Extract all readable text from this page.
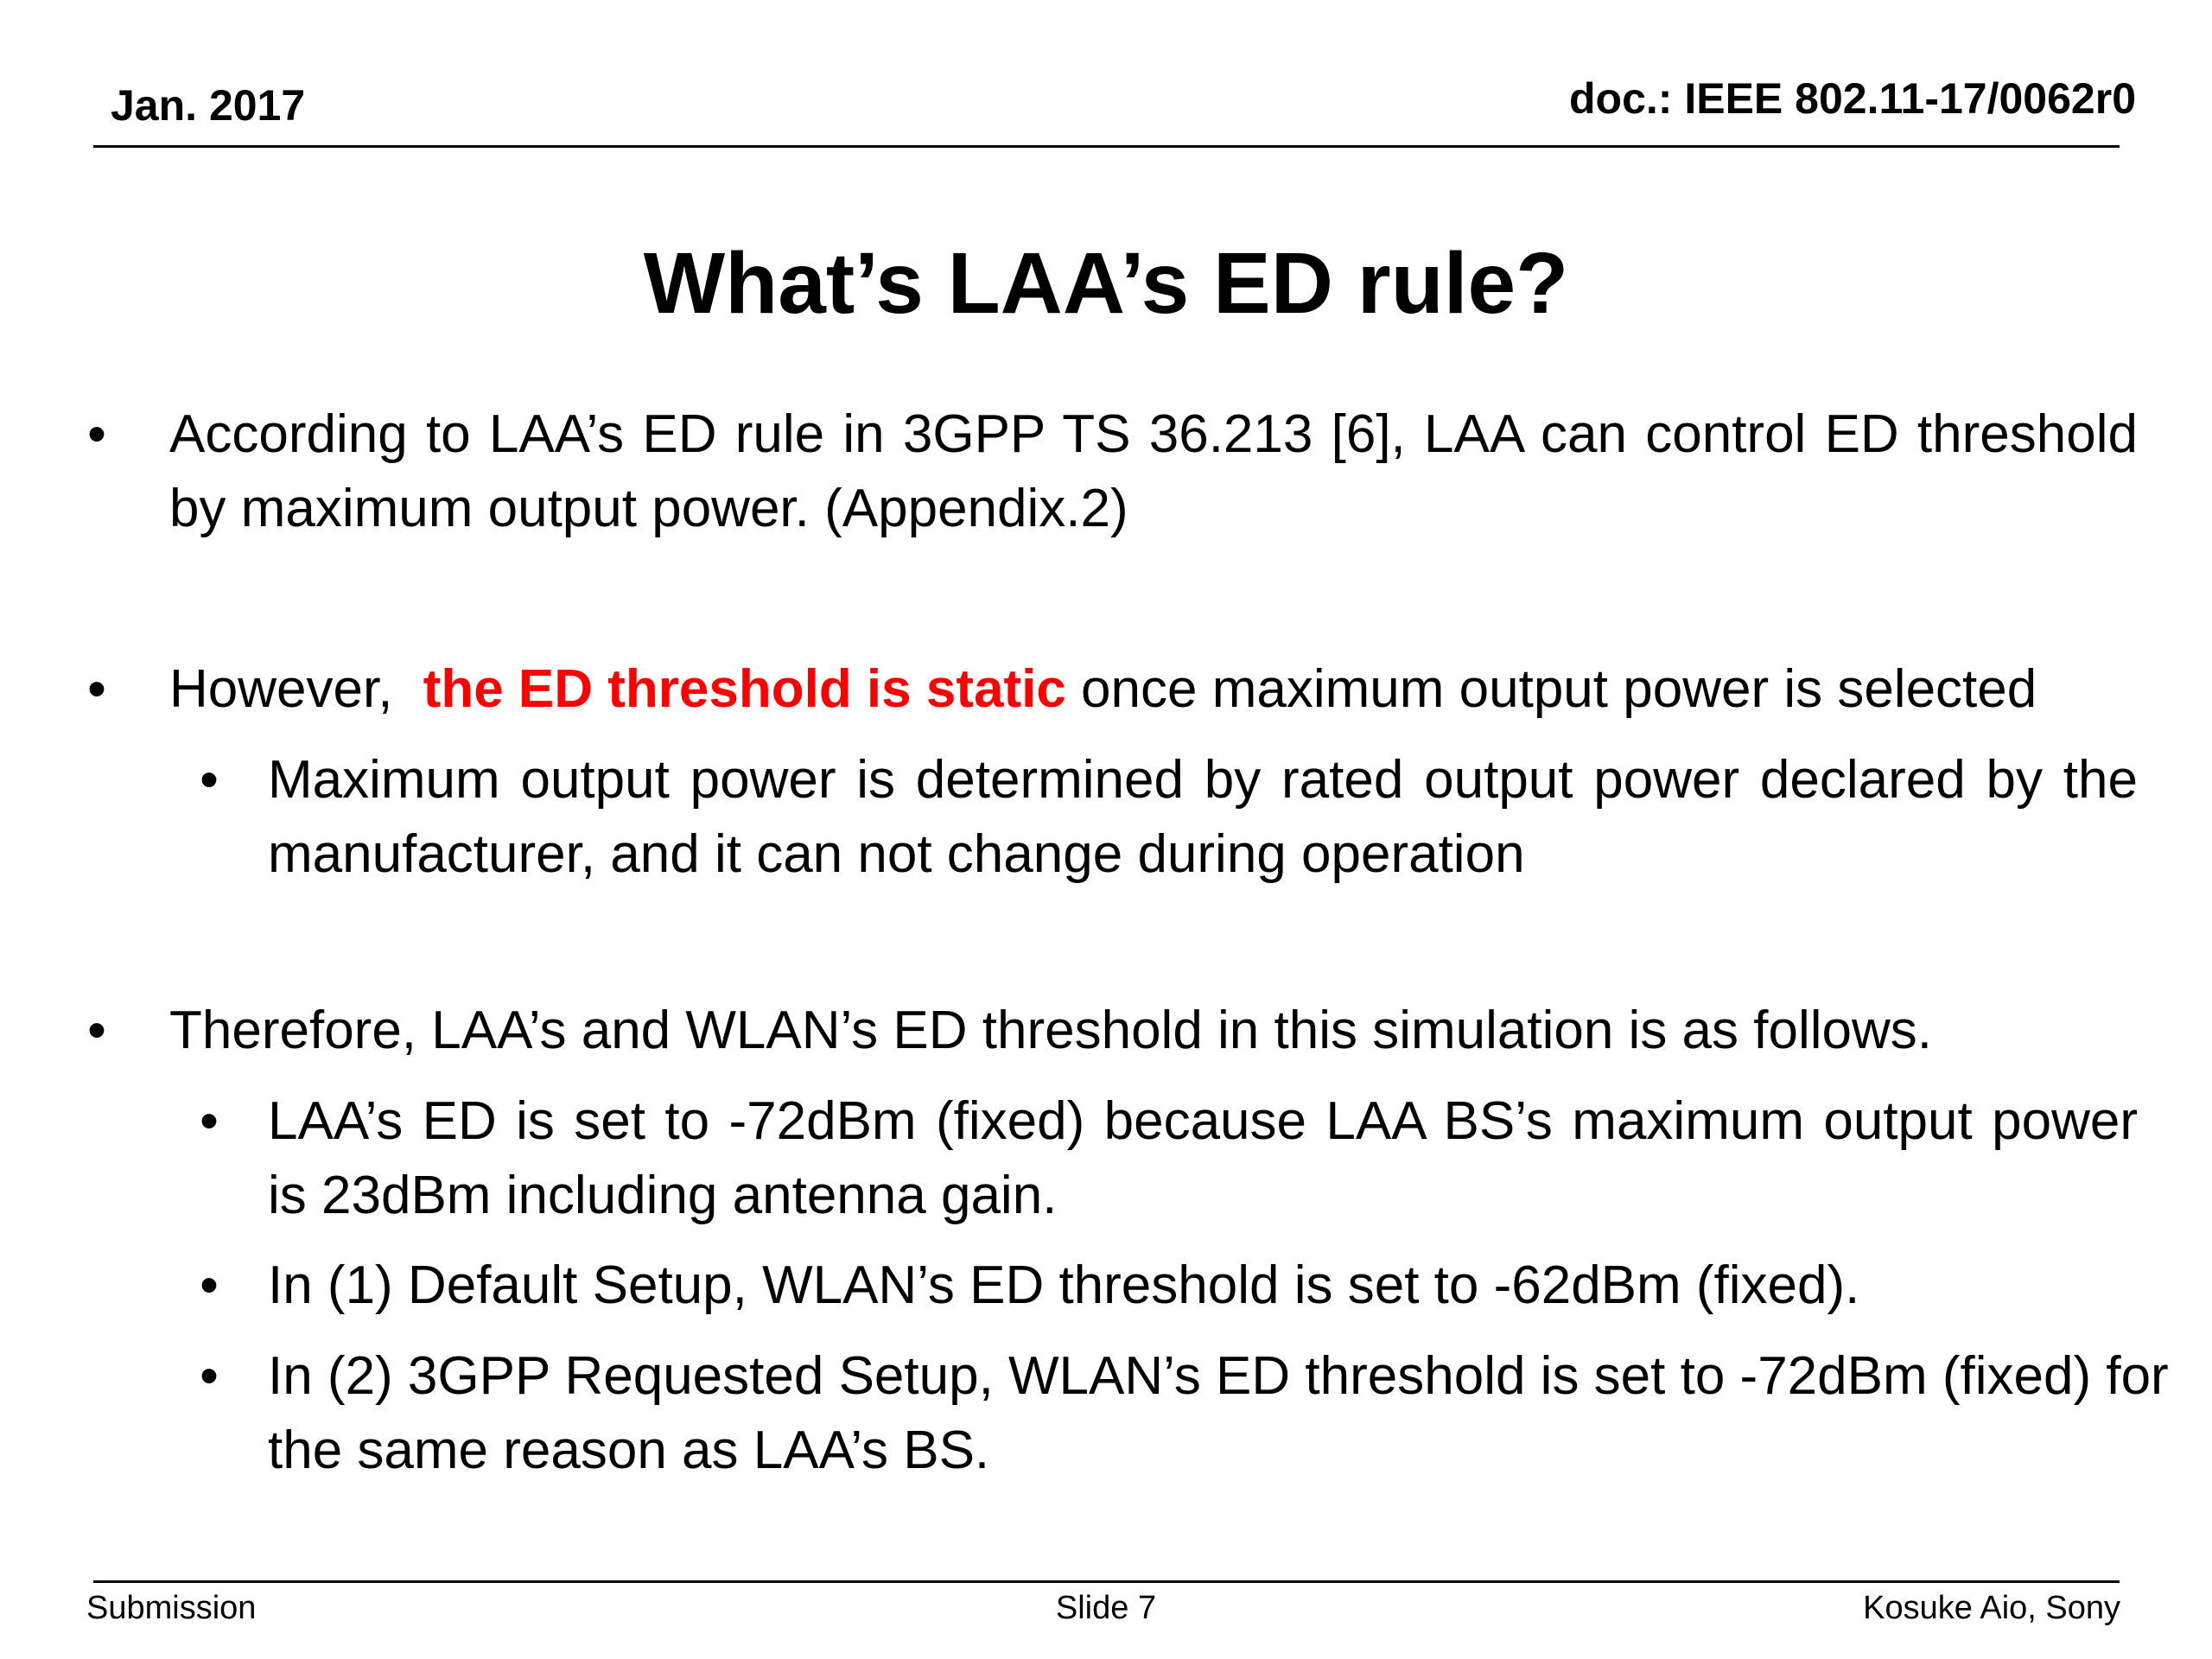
Jan. 2017	doc.: IEEE 802.11-17/0062r0
What’s LAA’s ED rule?
• According to LAA’s ED rule in 3GPP TS 36.213 [6], LAA can control ED threshold by maximum output power. (Appendix.2)
• However, the ED threshold is static once maximum output power is selected
• Maximum output power is determined by rated output power declared by the manufacturer, and it can not change during operation
• Therefore, LAA’s and WLAN’s ED threshold in this simulation is as follows.
• LAA’s ED is set to -72dBm (fixed) because LAA BS’s maximum output power is 23dBm including antenna gain.
• In (1) Default Setup, WLAN’s ED threshold is set to -62dBm (fixed).
• In (2) 3GPP Requested Setup, WLAN’s ED threshold is set to -72dBm (fixed) for the same reason as LAA’s BS.
Submission	Slide 7	Kosuke Aio, Sony
